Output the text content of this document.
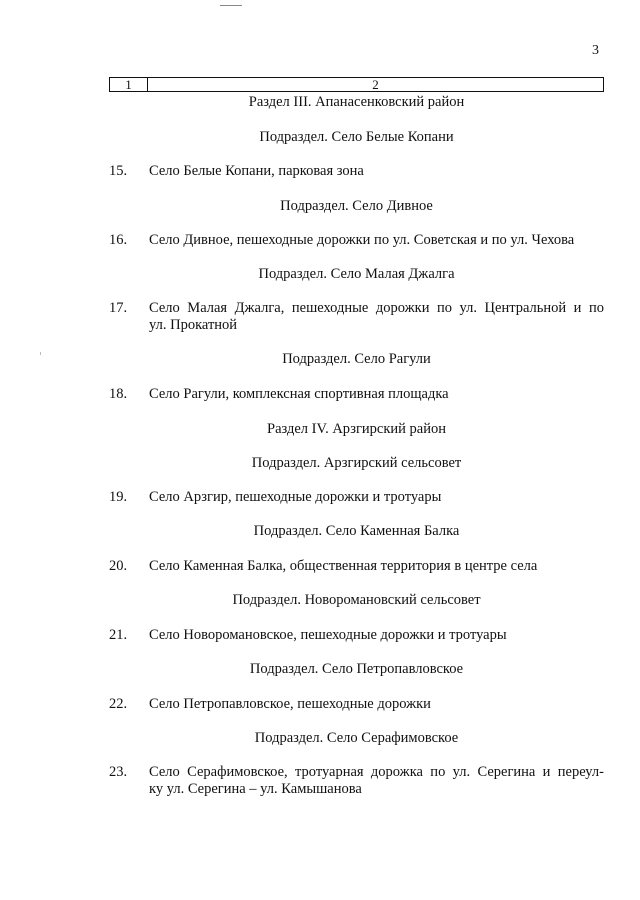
3
1	2
Раздел III. Апанасенковский район
Подраздел. Село Белые Копани
15.	Село Белые Копани, парковая зона
Подраздел. Село Дивное
16.	Село Дивное, пешеходные дорожки по ул. Советская и по ул. Чехова
Подраздел. Село Малая Джалга
17.	Село Малая Джалга, пешеходные дорожки по ул. Центральной и по
ул. Прокатной
Подраздел. Село Рагули
18.	Село Рагули, комплексная спортивная площадка
Раздел IV. Арзгирский район
Подраздел. Арзгирский сельсовет
19.	Село Арзгир, пешеходные дорожки и тротуары
Подраздел. Село Каменная Балка
20.	Село Каменная Балка, общественная территория в центре села
Подраздел. Новоромановский сельсовет
21.	Село Новоромановское, пешеходные дорожки и тротуары
Подраздел. Село Петропавловское
22.	Село Петропавловское, пешеходные дорожки
Подраздел. Село Серафимовское
23.	Село Серафимовское, тротуарная дорожка по ул. Серегина и переул-
ку ул. Серегина – ул. Камышанова
